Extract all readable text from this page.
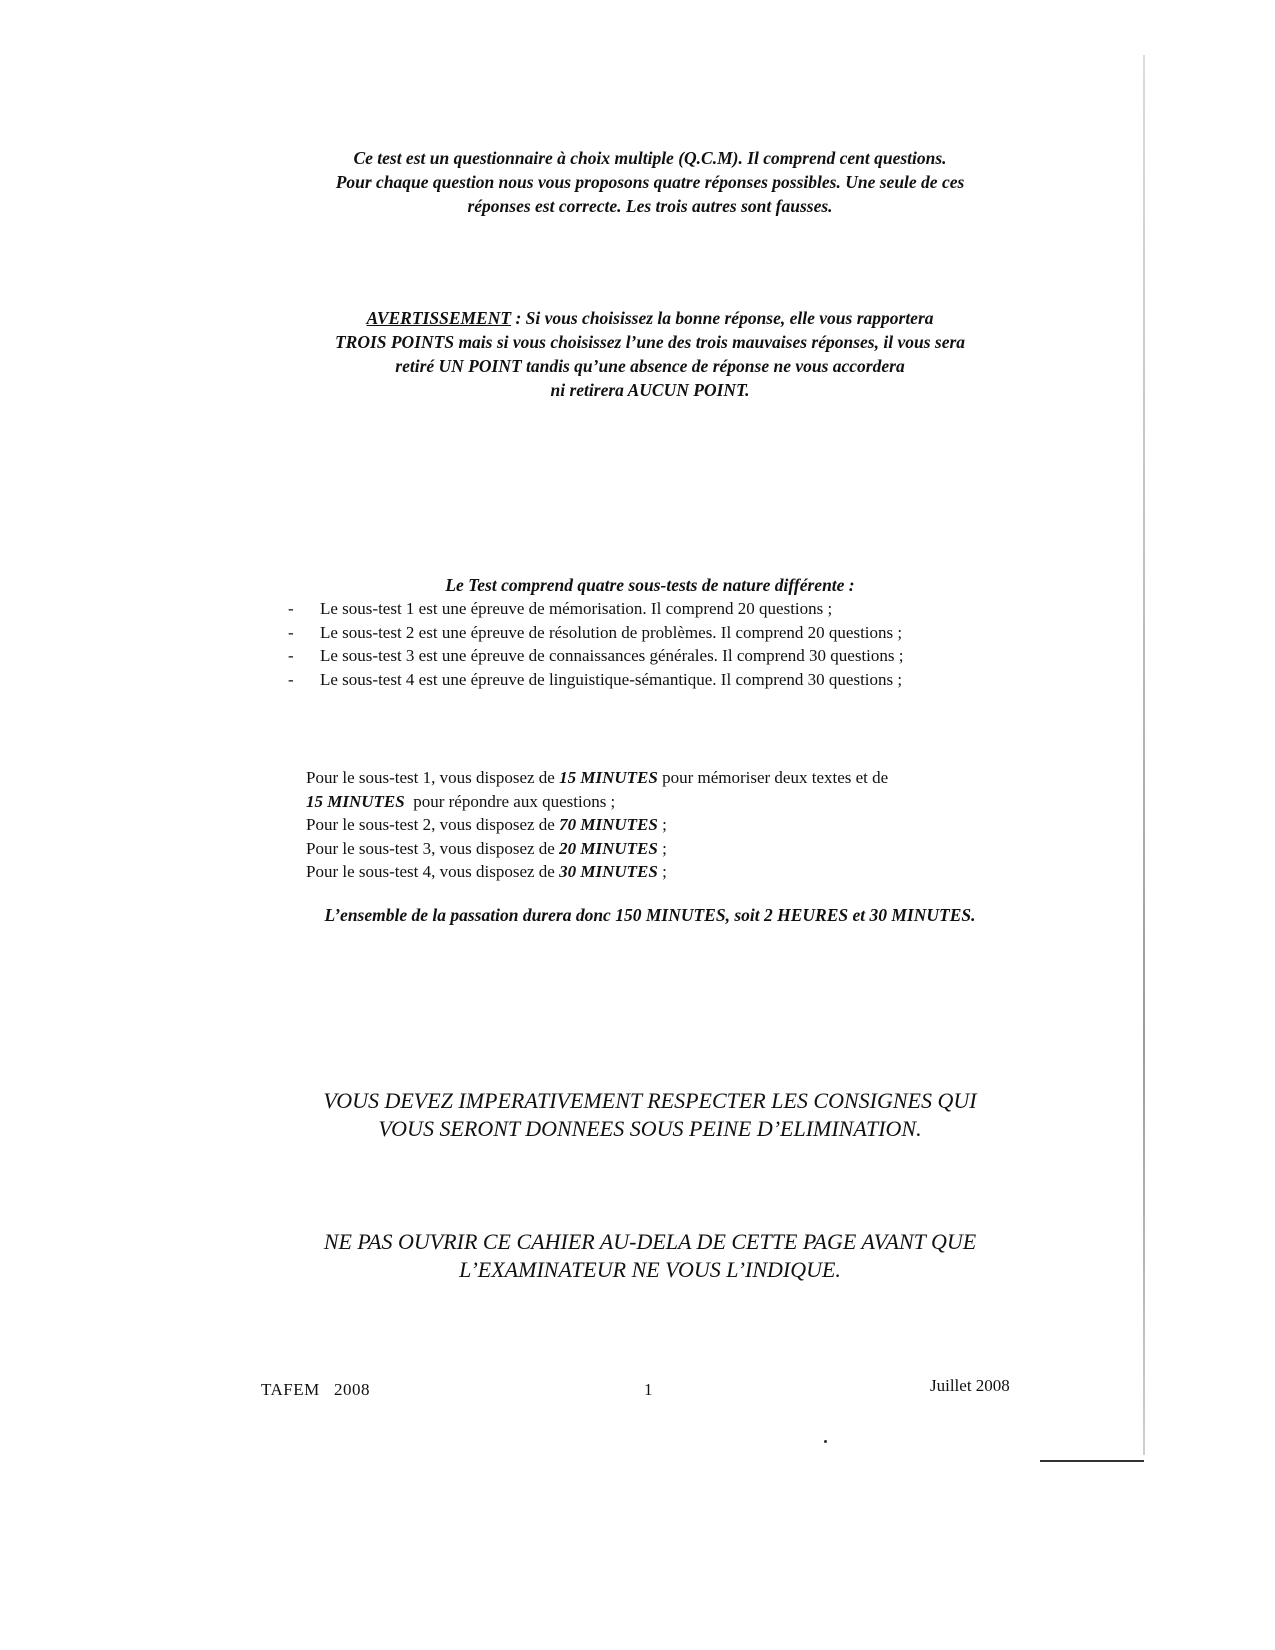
Ce test est un questionnaire à choix multiple (Q.C.M). Il comprend cent questions.
Pour chaque question nous vous proposons quatre réponses possibles. Une seule de ces
réponses est correcte. Les trois autres sont fausses.
AVERTISSEMENT : Si vous choisissez la bonne réponse, elle vous rapportera
TROIS POINTS mais si vous choisissez l’une des trois mauvaises réponses, il vous sera
retiré UN POINT tandis qu’une absence de réponse ne vous accordera
ni retirera AUCUN POINT.
Le Test comprend quatre sous-tests de nature différente :
- Le sous-test 1 est une épreuve de mémorisation. Il comprend 20 questions ;
- Le sous-test 2 est une épreuve de résolution de problèmes. Il comprend 20 questions ;
- Le sous-test 3 est une épreuve de connaissances générales. Il comprend 30 questions ;
- Le sous-test 4 est une épreuve de linguistique-sémantique. Il comprend 30 questions ;
Pour le sous-test 1, vous disposez de 15 MINUTES pour mémoriser deux textes et de
15 MINUTES  pour répondre aux questions ;
Pour le sous-test 2, vous disposez de 70 MINUTES ;
Pour le sous-test 3, vous disposez de 20 MINUTES ;
Pour le sous-test 4, vous disposez de 30 MINUTES ;
L’ensemble de la passation durera donc 150 MINUTES, soit 2 HEURES et 30 MINUTES.
VOUS DEVEZ IMPERATIVEMENT RESPECTER LES CONSIGNES QUI
VOUS SERONT DONNEES SOUS PEINE D’ELIMINATION.
NE PAS OUVRIR CE CAHIER AU-DELA DE CETTE PAGE AVANT QUE
L’EXAMINATEUR NE VOUS L’INDIQUE.
TAFEM   2008	1	Juillet 2008
